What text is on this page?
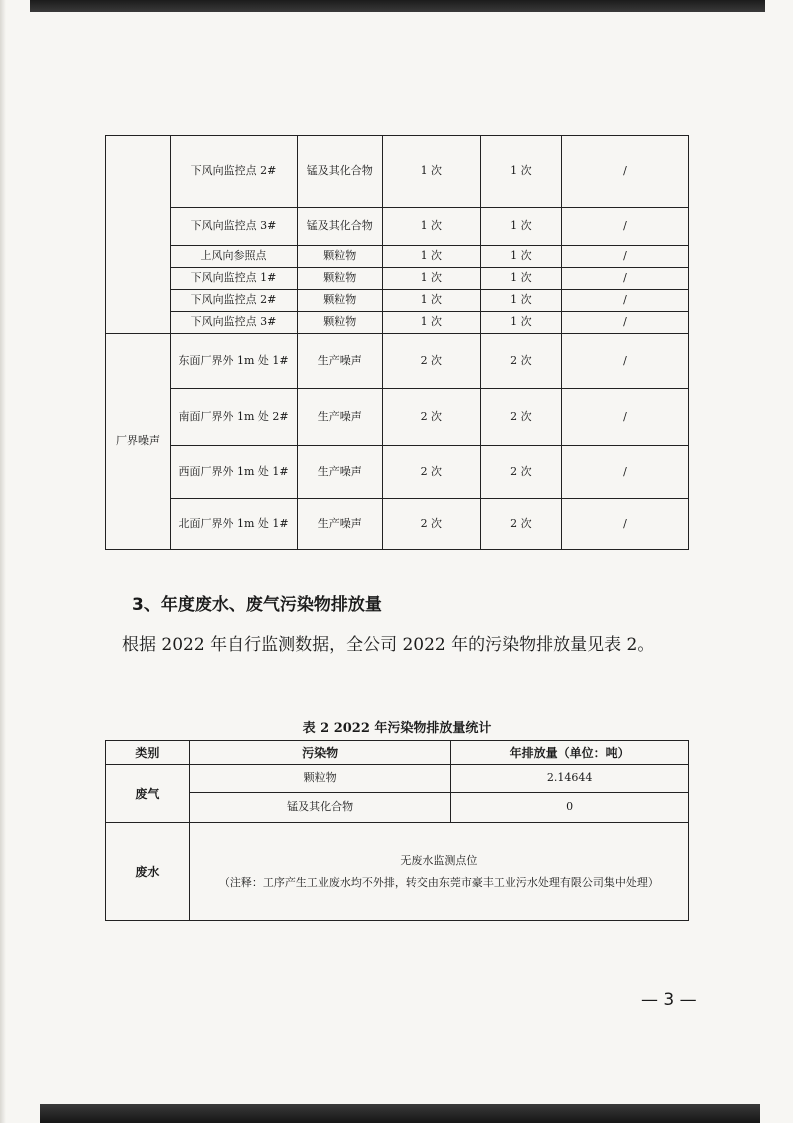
	下风向监控点 2#	锰及其化合物	1 次	1 次	/
	下风向监控点 3#	锰及其化合物	1 次	1 次	/
	上风向参照点	颗粒物	1 次	1 次	/
	下风向监控点 1#	颗粒物	1 次	1 次	/
	下风向监控点 2#	颗粒物	1 次	1 次	/
	下风向监控点 3#	颗粒物	1 次	1 次	/
厂界噪声	东面厂界外 1m 处 1#	生产噪声	2 次	2 次	/
	南面厂界外 1m 处 2#	生产噪声	2 次	2 次	/
	西面厂界外 1m 处 1#	生产噪声	2 次	2 次	/
	北面厂界外 1m 处 1#	生产噪声	2 次	2 次	/
3、年度废水、废气污染物排放量

根据 2022 年自行监测数据，全公司 2022 年的污染物排放量见表 2。

表 2 2022 年污染物排放量统计

类别	污染物	年排放量（单位：吨）
废气	颗粒物	2.14644
	锰及其化合物	0
废水	无废水监测点位
（注释：工序产生工业废水均不外排，转交由东莞市豪丰工业污水处理有限公司集中处理）	
— 3 —
